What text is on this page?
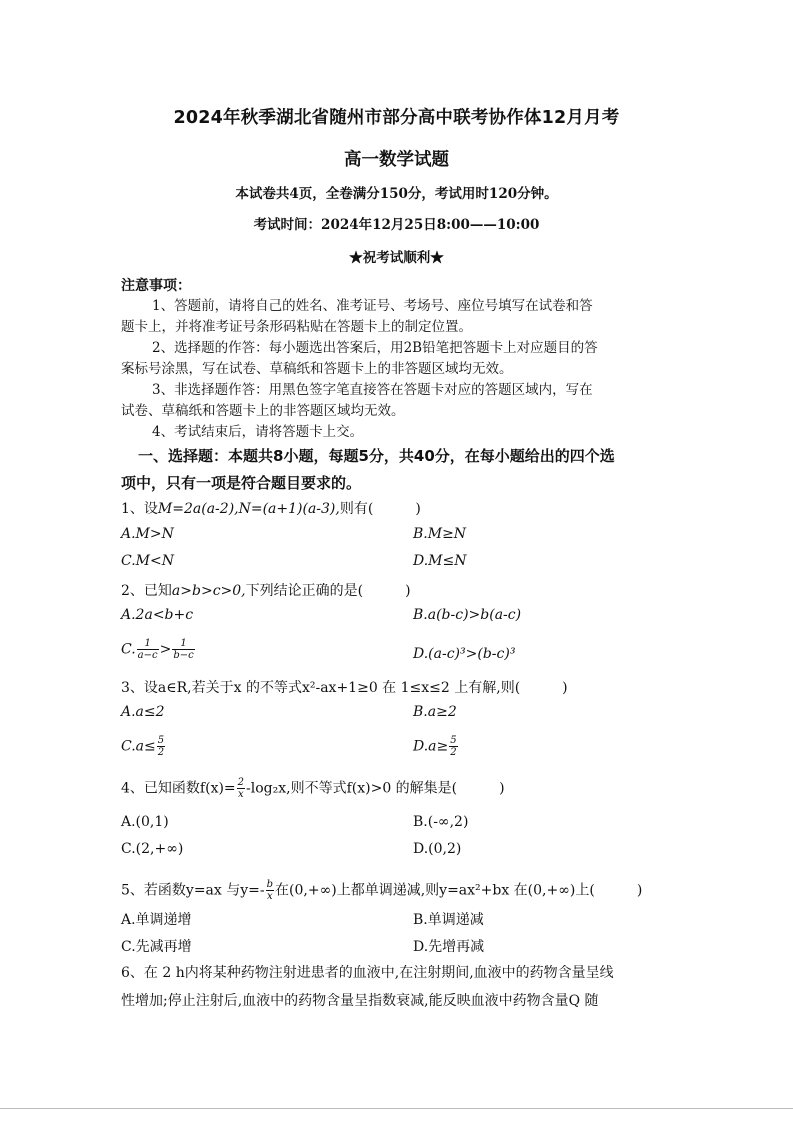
2024年秋季湖北省随州市部分高中联考协作体12月月考
高一数学试题
本试卷共4页，全卷满分150分，考试用时120分钟。
考试时间：2024年12月25日8:00——10:00
★祝考试顺利★
注意事项：
1、答题前，请将自己的姓名、准考证号、考场号、座位号填写在试卷和答
题卡上，并将准考证号条形码粘贴在答题卡上的制定位置。
2、选择题的作答：每小题选出答案后，用2B铅笔把答题卡上对应题目的答
案标号涂黑，写在试卷、草稿纸和答题卡上的非答题区域均无效。
3、非选择题作答：用黑色签字笔直接答在答题卡对应的答题区域内，写在
试卷、草稿纸和答题卡上的非答题区域均无效。
4、考试结束后，请将答题卡上交。
一、选择题：本题共8小题，每题5分，共40分，在每小题给出的四个选
项中，只有一项是符合题目要求的。
1、设M=2a(a-2),N=(a+1)(a-3),则有(　　　)
A.M>N	B.M≥N
C.M<N	D.M≤N
2、已知a>b>c>0,下列结论正确的是(　　　)
A.2a<b+c	B.a(b-c)>b(a-c)
C. $\frac{1}{a-c} > \frac{1}{b-c}$	D.(a-c)³>(b-c)³
3、设a∈R,若关于x 的不等式x²-ax+1≥0 在 1≤x≤2 上有解,则(　　　)
A.a≤2	B.a≥2
$C.a\le \frac{5}{2}$	$D.a\ge \frac{5}{2}$
4、已知函数$f(x)= \frac{2}{x} -\log_2x$,则不等式f(x)>0 的解集是(　　　)
A.(0,1)	B.(-∞,2)
C.(2,+∞)	D.(0,2)
5、若函数y=ax 与$y=- \frac{b}{x}$ 在(0,+∞)上都单调递减,则y=ax²+bx 在(0,+∞)上(　　　)
A.单调递增	B.单调递减
C.先减再增	D.先增再减
6、在 2 h内将某种药物注射进患者的血液中,在注射期间,血液中的药物含量呈线
性增加;停止注射后,血液中的药物含量呈指数衰减,能反映血液中药物含量Q 随
